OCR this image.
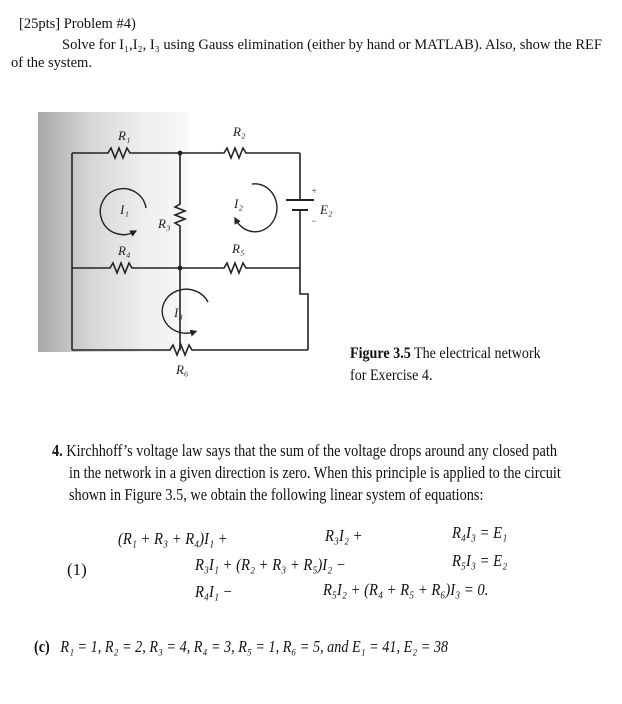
[25pts] Problem #4)
Solve for I₁,I₂, I₃ using Gauss elimination (either by hand or MATLAB). Also, show the REF
of the system.
R₁	R₂
R₃
R₄	R₅
R₆
I₁	I₂
I₃
E₂
+
−
Figure 3.5 The electrical network
for Exercise 4.
4. Kirchhoff’s voltage law says that the sum of the voltage drops around any closed path
in the network in a given direction is zero. When this principle is applied to the circuit
shown in Figure 3.5, we obtain the following linear system of equations:
(1)
(R₁ + R₃ + R₄)I₁ +	R₃I₂ +	R₄I₃ = E₁
R₃I₁ + (R₂ + R₃ + R₅)I₂ −	R₅I₃ = E₂
R₄I₁ −	R₅I₂ + (R₄ + R₅ + R₆)I₃ = 0.
(c) R₁ = 1, R₂ = 2, R₃ = 4, R₄ = 3, R₅ = 1, R₆ = 5, and E₁ = 41, E₂ = 38
